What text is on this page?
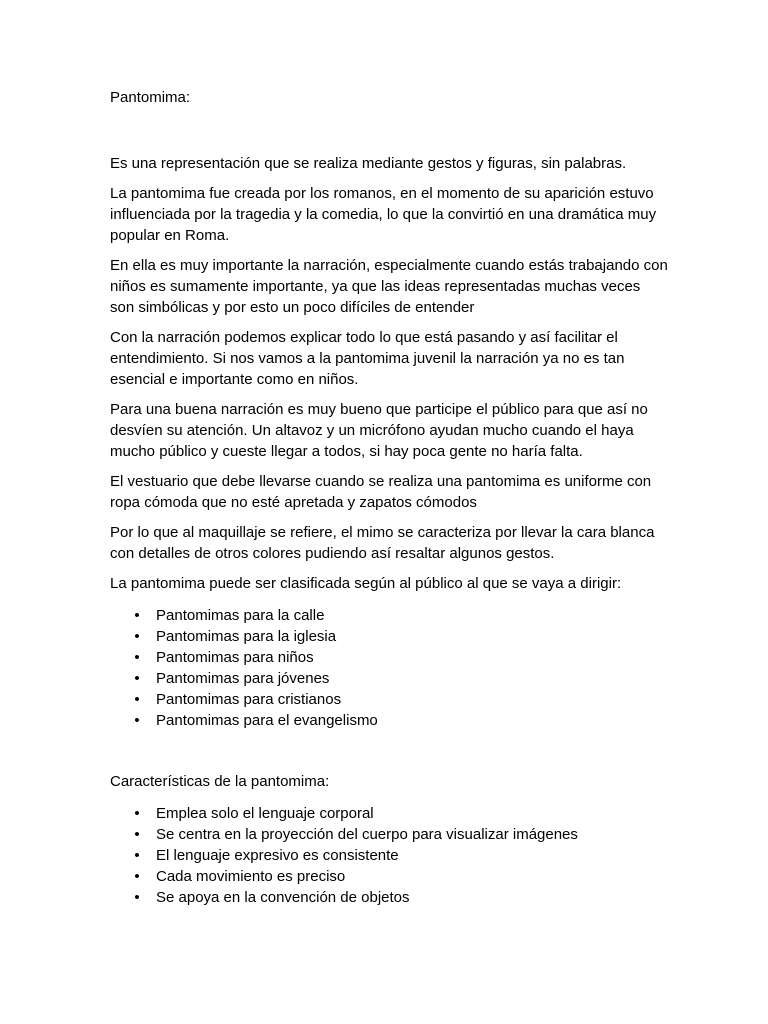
Pantomima:

Es una representación que se realiza mediante gestos y figuras, sin palabras.

La pantomima fue creada por los romanos, en el momento de su aparición estuvo influenciada por la tragedia y la comedia, lo que la convirtió en una dramática muy popular en Roma.

En ella es muy importante la narración, especialmente cuando estás trabajando con niños es sumamente importante, ya que las ideas representadas muchas veces son simbólicas y por esto un poco difíciles de entender

Con la narración podemos explicar todo lo que está pasando y así facilitar el entendimiento. Si nos vamos a la pantomima juvenil la narración ya no es tan esencial e importante como en niños.

Para una buena narración es muy bueno que participe el público para que así no desvíen su atención. Un altavoz y un micrófono ayudan mucho cuando el haya mucho público y cueste llegar a todos, si hay poca gente no haría falta.

El vestuario que debe llevarse cuando se realiza una pantomima es uniforme con ropa cómoda que no esté apretada y zapatos cómodos

Por lo que al maquillaje se refiere, el mimo se caracteriza por llevar la cara blanca con detalles de otros colores pudiendo así resaltar algunos gestos.

La pantomima puede ser clasificada según al público al que se vaya a dirigir:

• Pantomimas para la calle
• Pantomimas para la iglesia
• Pantomimas para niños
• Pantomimas para jóvenes
• Pantomimas para cristianos
• Pantomimas para el evangelismo

Características de la pantomima:

• Emplea solo el lenguaje corporal
• Se centra en la proyección del cuerpo para visualizar imágenes
• El lenguaje expresivo es consistente
• Cada movimiento es preciso
• Se apoya en la convención de objetos
